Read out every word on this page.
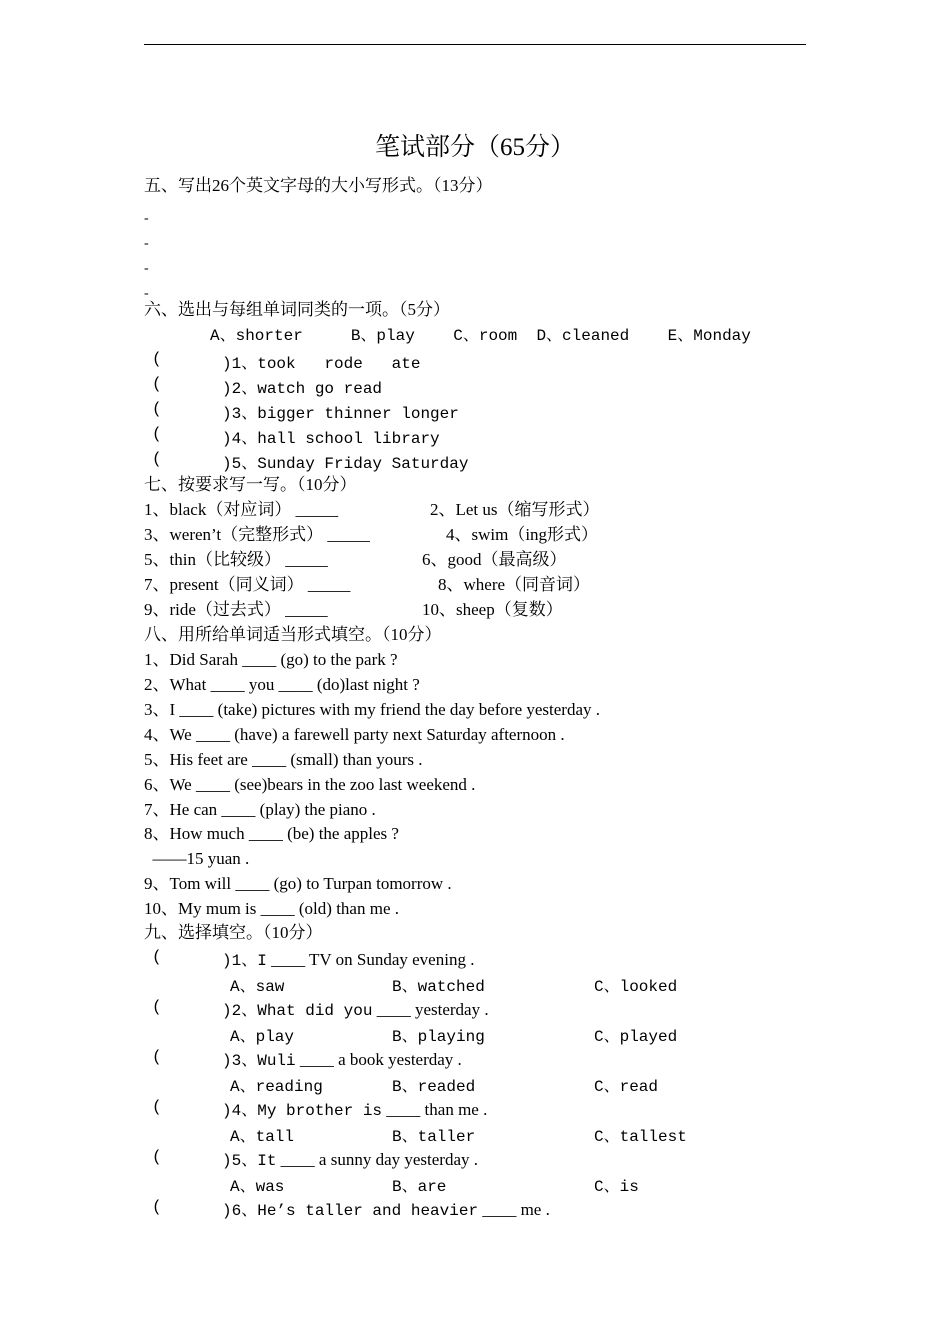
笔试部分（65分）
五、写出26个英文字母的大小写形式。（13分）
-
-
-
-
六、选出与每组单词同类的一项。（5分）
A、shorter     B、play    C、room  D、cleaned    E、Monday
(	)1、took   rode   ate
(	)2、watch go read
(	)3、bigger thinner longer
(	)4、hall school library
(	)5、Sunday Friday Saturday
七、按要求写一写。（10分）
1、black（对应词） _____	2、Let us（缩写形式）
3、weren’t（完整形式） _____	4、swim（ing形式）
5、thin（比较级） _____	6、good（最高级）
7、present（同义词） _____	8、where（同音词）
9、ride（过去式） _____	10、sheep（复数）
八、用所给单词适当形式填空。（10分）
1、Did Sarah ____ (go) to the park ?
2、What ____ you ____ (do)last night ?
3、I ____ (take) pictures with my friend the day before yesterday .
4、We ____ (have) a farewell party next Saturday afternoon .
5、His feet are ____ (small) than yours .
6、We ____ (see)bears in the zoo last weekend .
7、He can ____ (play) the piano .
8、How much ____ (be) the apples ?
——15 yuan .
9、Tom will ____ (go) to Turpan tomorrow .
10、My mum is ____ (old) than me .
九、选择填空。（10分）
(	)1、I ____ TV on Sunday evening .
A、saw	B、watched	C、looked
(	)2、What did you ____ yesterday .
A、play	B、playing	C、played
(	)3、Wuli ____ a book yesterday .
A、reading	B、readed	C、read
(	)4、My brother is ____ than me .
A、tall	B、taller	C、tallest
(	)5、It ____ a sunny day yesterday .
A、was	B、are	C、is
(	)6、He’s taller and heavier ____ me .
